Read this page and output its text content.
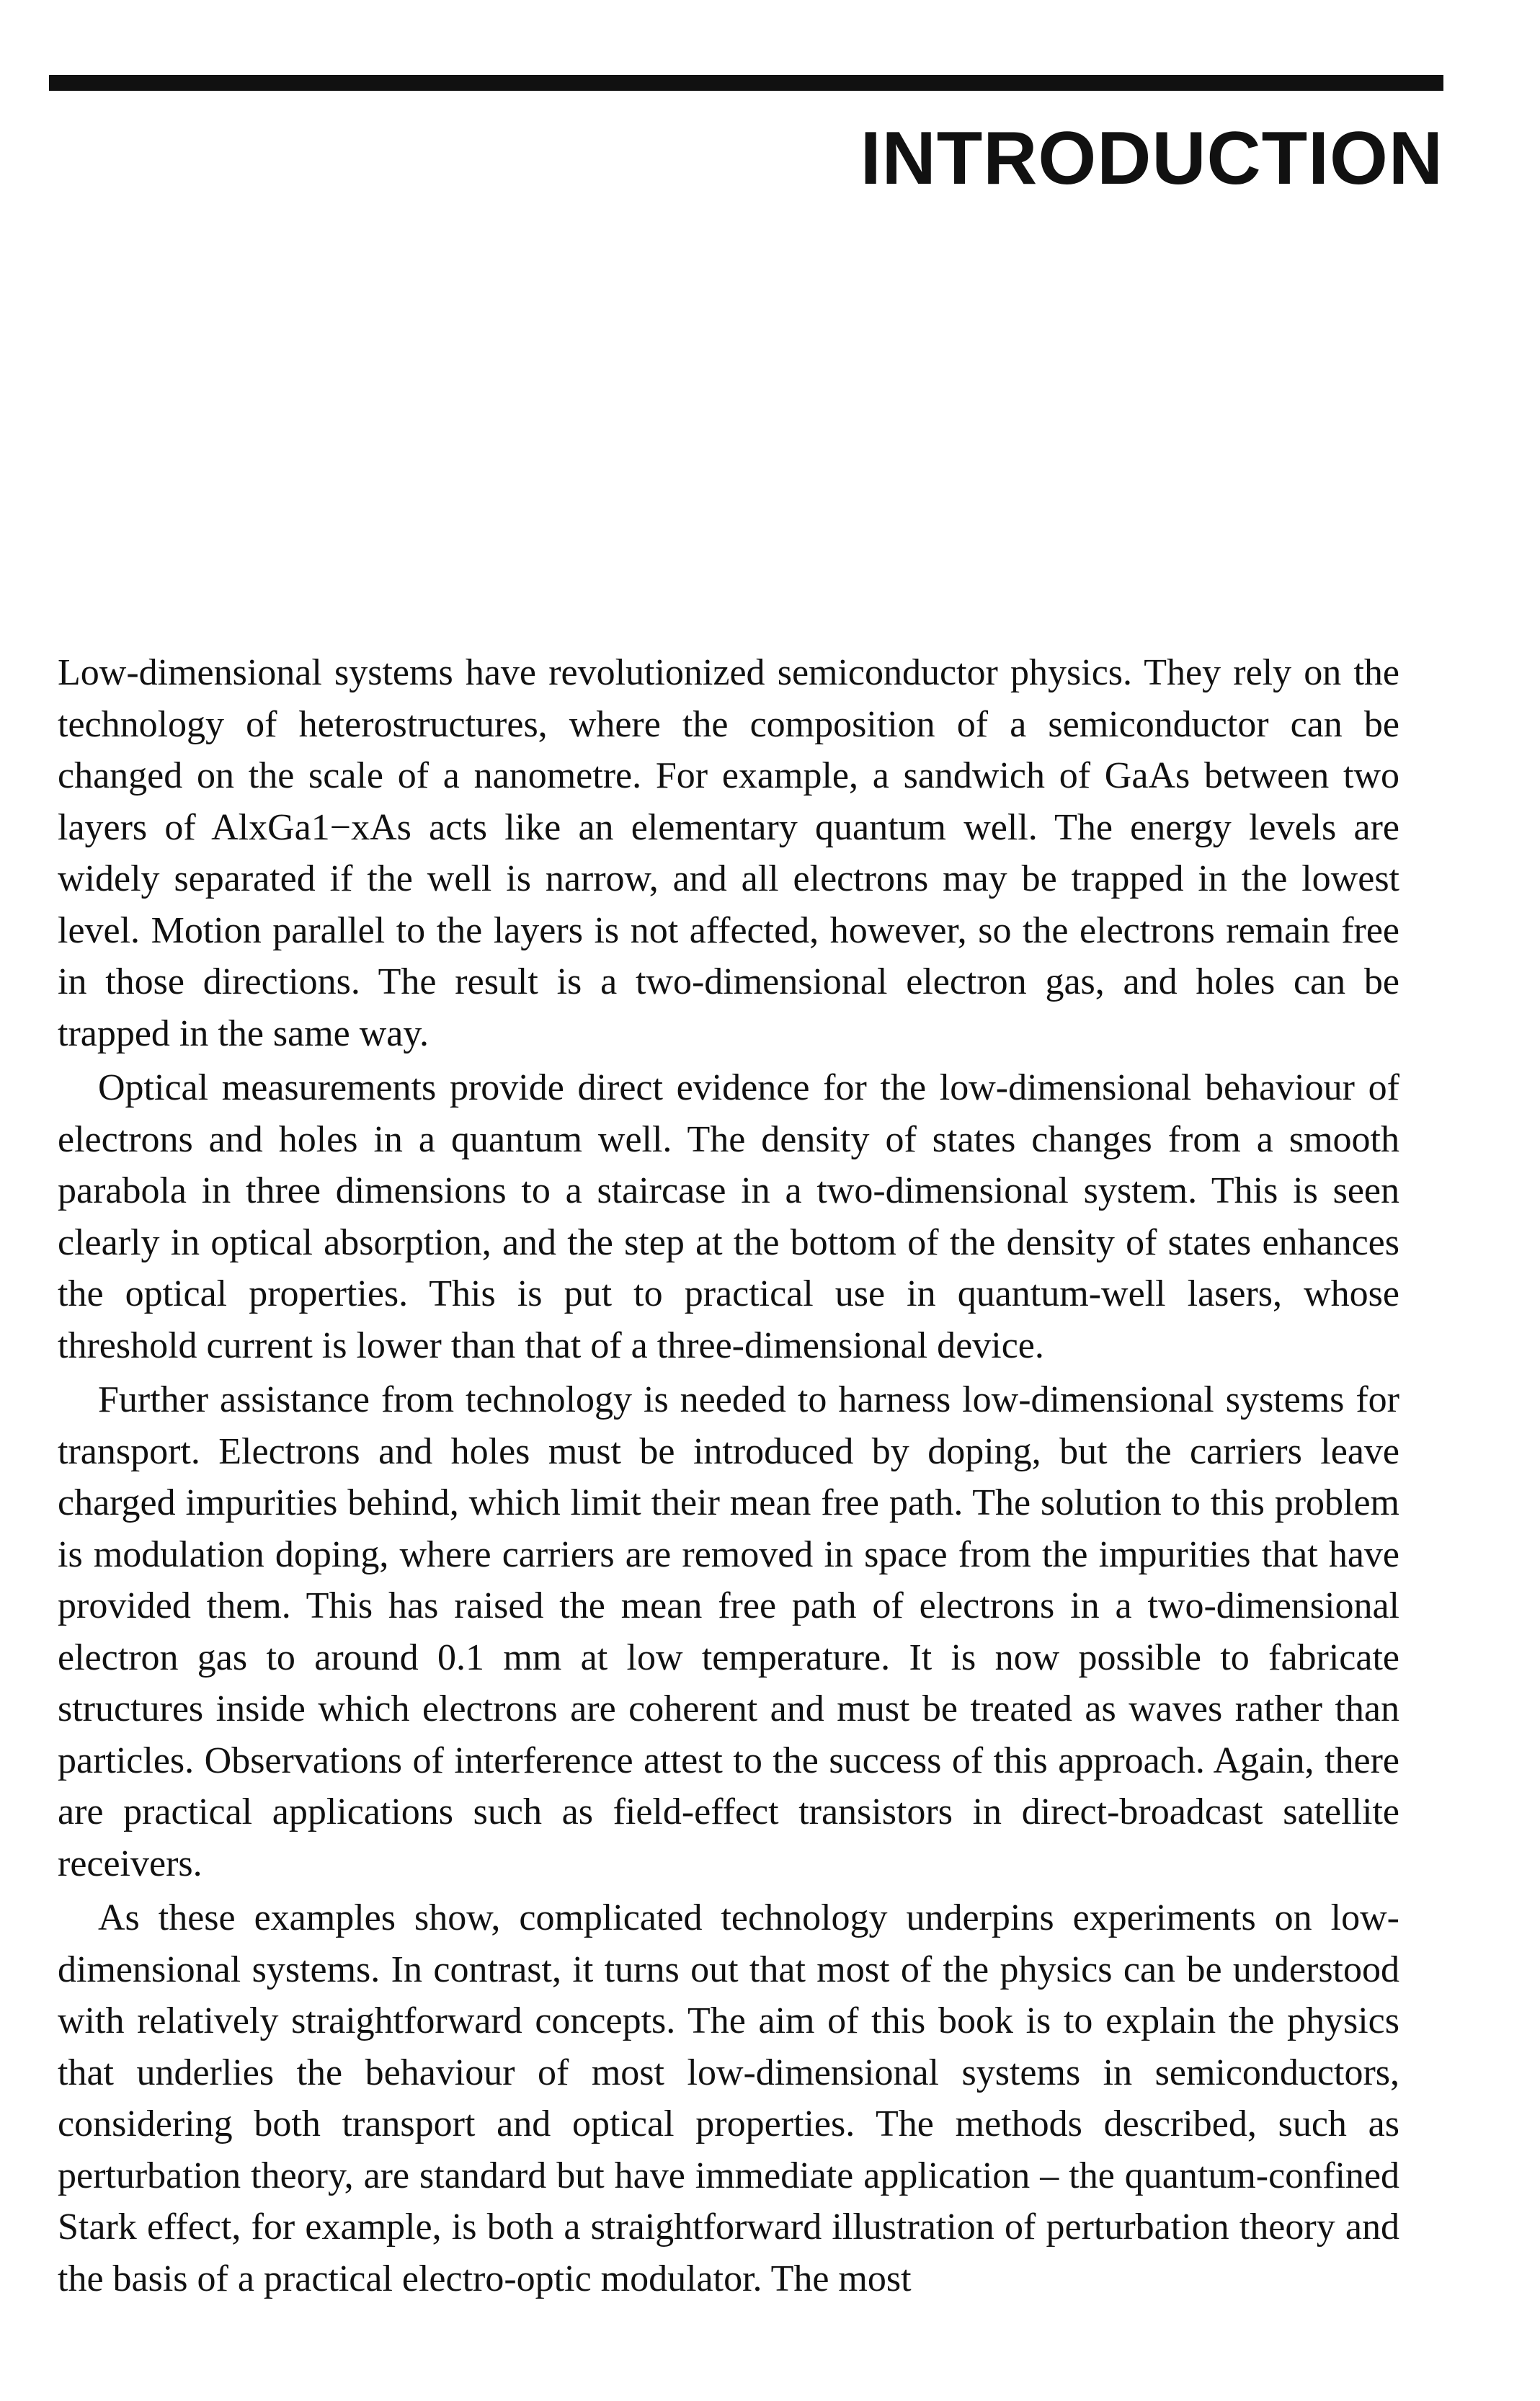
INTRODUCTION

Low-dimensional systems have revolutionized semiconductor physics. They rely on the technology of heterostructures, where the composition of a semiconductor can be changed on the scale of a nanometre. For example, a sandwich of GaAs between two layers of AlxGa1−xAs acts like an elementary quantum well. The energy levels are widely separated if the well is narrow, and all electrons may be trapped in the lowest level. Motion parallel to the layers is not affected, however, so the electrons remain free in those directions. The result is a two-dimensional electron gas, and holes can be trapped in the same way.

Optical measurements provide direct evidence for the low-dimensional behaviour of electrons and holes in a quantum well. The density of states changes from a smooth parabola in three dimensions to a staircase in a two-dimensional system. This is seen clearly in optical absorption, and the step at the bottom of the density of states enhances the optical properties. This is put to practical use in quantum-well lasers, whose threshold current is lower than that of a three-dimensional device.

Further assistance from technology is needed to harness low-dimensional systems for transport. Electrons and holes must be introduced by doping, but the carriers leave charged impurities behind, which limit their mean free path. The solution to this problem is modulation doping, where carriers are removed in space from the impurities that have provided them. This has raised the mean free path of electrons in a two-dimensional electron gas to around 0.1 mm at low temperature. It is now possible to fabricate structures inside which electrons are coherent and must be treated as waves rather than particles. Observations of interference attest to the success of this approach. Again, there are practical applications such as field-effect transistors in direct-broadcast satellite receivers.

As these examples show, complicated technology underpins experiments on low-dimensional systems. In contrast, it turns out that most of the physics can be understood with relatively straightforward concepts. The aim of this book is to explain the physics that underlies the behaviour of most low-dimensional systems in semiconductors, considering both transport and optical properties. The methods described, such as perturbation theory, are standard but have immediate application – the quantum-confined Stark effect, for example, is both a straightforward illustration of perturbation theory and the basis of a practical electro-optic modulator. The most
